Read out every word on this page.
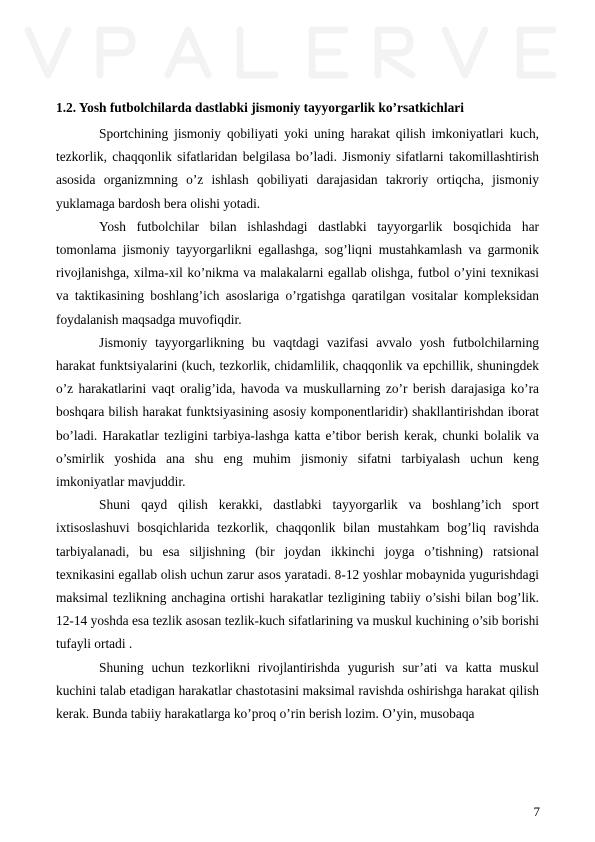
1.2. Yosh futbolchilarda dastlabki jismoniy tayyorgarlik ko’rsatkichlari

Sportchining jismoniy qobiliyati yoki uning harakat qilish imkoniyatlari kuch, tezkorlik, chaqqonlik sifatlaridan belgilasa bo’ladi. Jismoniy sifatlarni takomillashtirish asosida organizmning o’z ishlash qobiliyati darajasidan takroriy ortiqcha, jismoniy yuklamaga bardosh bera olishi yotadi.

Yosh futbolchilar bilan ishlashdagi dastlabki tayyorgarlik bosqichida har tomonlama jismoniy tayyorgarlikni egallashga, sog’liqni mustahkamlash va garmonik rivojlanishga, xilma-xil ko’nikma va malakalarni egallab olishga, futbol o’yini texnikasi va taktikasining boshlang’ich asoslariga o’rgatishga qaratilgan vositalar kompleksidan foydalanish maqsadga muvofiqdir.

Jismoniy tayyorgarlikning bu vaqtdagi vazifasi avvalo yosh futbolchilarning harakat funktsiyalarini (kuch, tezkorlik, chidamlilik, chaqqonlik va epchillik, shuningdek o’z harakatlarini vaqt oralig’ida, havoda va muskullarning zo’r berish darajasiga ko’ra boshqara bilish harakat funktsiyasining asosiy komponentlaridir) shakllantirishdan iborat bo’ladi. Harakatlar tezligini tarbiya-lashga katta e’tibor berish kerak, chunki bolalik va o’smirlik yoshida ana shu eng muhim jismoniy sifatni tarbiyalash uchun keng imkoniyatlar mavjuddir.

Shuni qayd qilish kerakki, dastlabki tayyorgarlik va boshlang’ich sport ixtisoslashuvi bosqichlarida tezkorlik, chaqqonlik bilan mustahkam bog’liq ravishda tarbiyalanadi, bu esa siljishning (bir joydan ikkinchi joyga o’tishning) ratsional texnikasini egallab olish uchun zarur asos yaratadi. 8-12 yoshlar mobaynida yugurishdagi maksimal tezlikning anchagina ortishi harakatlar tezligining tabiiy o’sishi bilan bog’lik. 12-14 yoshda esa tezlik asosan tezlik-kuch sifatlarining va muskul kuchining o’sib borishi tufayli ortadi .

Shuning uchun tezkorlikni rivojlantirishda yugurish sur’ati va katta muskul kuchini talab etadigan harakatlar chastotasini maksimal ravishda oshirishga harakat qilish kerak. Bunda tabiiy harakatlarga ko’proq o’rin berish lozim. O’yin, musobaqa

7
